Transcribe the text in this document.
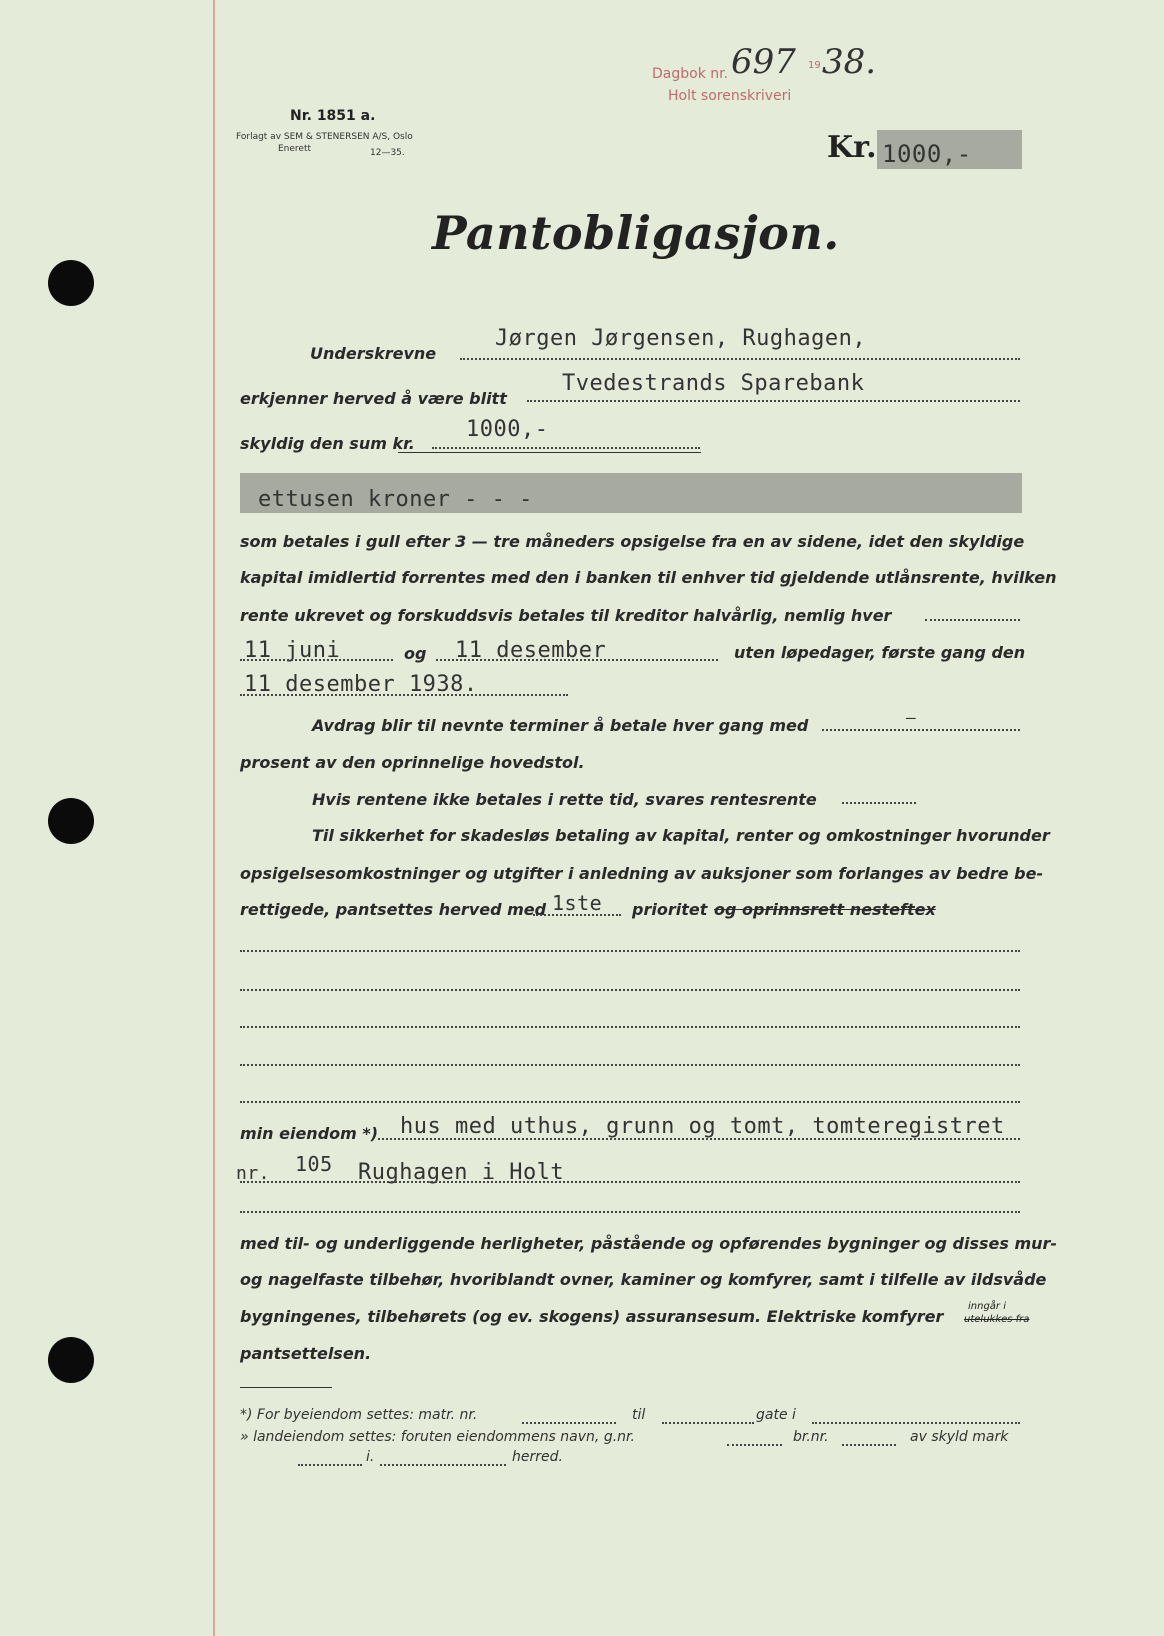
Dagbok nr. 697 19 38.
Holt sorenskriveri
Nr. 1851 a.
Forlagt av SEM & STENERSEN A/S, Oslo
Enerett	12—35.	Kr. 1000,-
Pantobligasjon.
Underskrevne
Jørgen Jørgensen, Rughagen,
erkjenner herved å være blitt
Tvedestrands Sparebank
skyldig den sum kr.
1000,-
ettusen kroner - - -
som betales i gull efter 3 — tre måneders opsigelse fra en av sidene, idet den skyldige
kapital imidlertid forrentes med den i banken til enhver tid gjeldende utlånsrente, hvilken
rente ukrevet og forskuddsvis betales til kreditor halvårlig, nemlig hver
11 juni	og 11 desember	uten løpedager, første gang den
11 desember 1938.
Avdrag blir til nevnte terminer å betale hver gang med	—
prosent av den oprinnelige hovedstol.
Hvis rentene ikke betales i rette tid, svares rentesrente
Til sikkerhet for skadesløs betaling av kapital, renter og omkostninger hvorunder
opsigelsesomkostninger og utgifter i anledning av auksjoner som forlanges av bedre be-
rettigede, pantsettes herved med 1ste prioritet og oprinnsrett nesteftex
min eiendom *) hus med uthus, grunn og tomt, tomteregistret
nr. 105 Rughagen i Holt
med til- og underliggende herligheter, påstående og opførendes bygninger og disses mur-
og nagelfaste tilbehør, hvoriblandt ovner, kaminer og komfyrer, samt i tilfelle av ildsvåde
bygningenes, tilbehørets (og ev. skogens) assuransesum. Elektriske komfyrer
inngår i
utelukkes fra
pantsettelsen.
*) For byeiendom settes: matr. nr.	til	gate i
» landeiendom settes: foruten eiendommens navn, g.nr.	br.nr.	av skyld mark
i.	herred.
